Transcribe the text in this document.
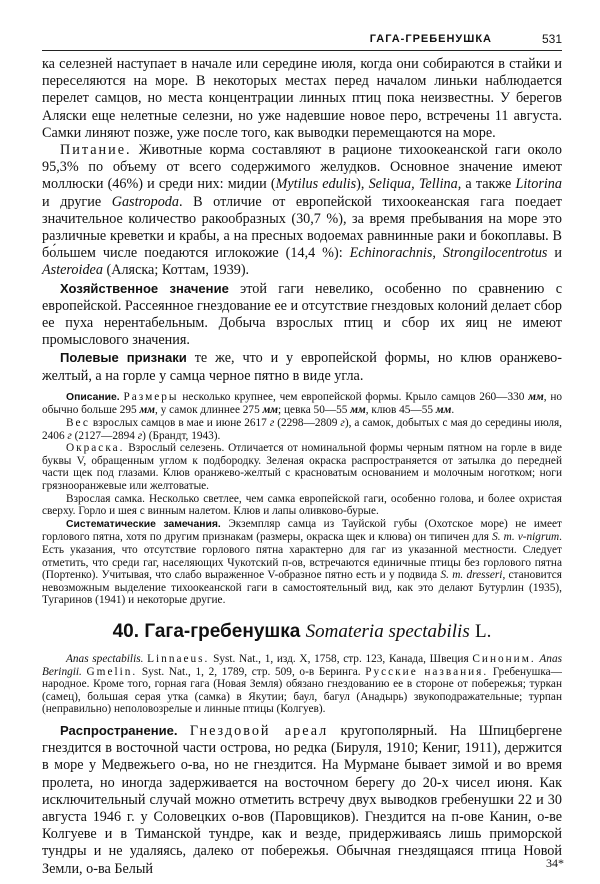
ГАГА-ГРЕБЕНУШКА	531

ка селезней наступает в начале или середине июля, когда они собираются в стайки и переселяются на море. В некоторых местах перед началом линьки наблюдается перелет самцов, но места концентрации линных птиц пока неизвестны. У берегов Аляски еще нелетные селезни, но уже надевшие новое перо, встречены 11 августа. Самки линяют позже, уже после того, как выводки перемещаются на море.

Питание. Животные корма составляют в рационе тихоокеанской гаги около 95,3% по объему от всего содержимого желудков. Основное значение имеют моллюски (46%) и среди них: мидии (Mytilus edulis), Seliqua, Tellina, а также Litorina и другие Gastropoda. В отличие от европейской тихоокеанская гага поедает значительное количество ракообразных (30,7 %), за время пребывания на море это различные креветки и крабы, а на пресных водоемах равнинные раки и бокоплавы. В бо́льшем числе поедаются иглокожие (14,4 %): Echinorachnis, Strongilocentrotus и Asteroidea (Аляска; Коттам, 1939).

Хозяйственное значение этой гаги невелико, особенно по сравнению с европейской. Рассеянное гнездование ее и отсутствие гнездовых колоний делает сбор ее пуха нерентабельным. Добыча взрослых птиц и сбор их яиц не имеют промыслового значения.

Полевые признаки те же, что и у европейской формы, но клюв оранжево-желтый, а на горле у самца черное пятно в виде угла.

Описание. Размеры несколько крупнее, чем европейской формы. Крыло самцов 260—330 мм, но обычно больше 295 мм, у самок длиннее 275 мм; цевка 50—55 мм, клюв 45—55 мм.

Вес взрослых самцов в мае и июне 2617 г (2298—2809 г), а самок, добытых с мая до середины июля, 2406 г (2127—2894 г) (Брандт, 1943).

Окраска. Взрослый селезень. Отличается от номинальной формы черным пятном на горле в виде буквы V, обращенным углом к подбородку. Зеленая окраска распространяется от затылка до передней части щек под глазами. Клюв оранжево-желтый с красноватым основанием и молочным ноготком; ноги грязнооранжевые или желтоватые.

Взрослая самка. Несколько светлее, чем самка европейской гаги, особенно голова, и более охристая сверху. Горло и шея с винным налетом. Клюв и лапы оливково-бурые.

Систематические замечания. Экземпляр самца из Тауйской губы (Охотское море) не имеет горлового пятна, хотя по другим признакам (размеры, окраска щек и клюва) он типичен для S. m. v-nigrum. Есть указания, что отсутствие горлового пятна характерно для гаг из указанной местности. Следует отметить, что среди гаг, населяющих Чукотский п-ов, встречаются единичные птицы без горлового пятна (Портенко). Учитывая, что слабо выраженное V-образное пятно есть и у подвида S. m. dresseri, становится невозможным выделение тихоокеанской гаги в самостоятельный вид, как это делают Бутурлин (1935), Тугаринов (1941) и некоторые другие.

40. Гага-гребенушка Somateria spectabilis L.

Anas spectabilis. Linnaeus. Syst. Nat., 1, изд. X, 1758, стр. 123, Канада, Швеция Синоним. Anas Beringii. Gmelin. Syst. Nat., 1, 2, 1789, стр. 509, о-в Беринга. Русские названия. Гребенушка—народное. Кроме того, горная гага (Новая Земля) обязано гнездованию ее в стороне от побережья; туркан (самец), большая серая утка (самка) в Якутии; баул, багул (Анадырь) звукоподражательные; турпан (неправильно) неполовозрелые и линные птицы (Колгуев).

Распространение. Гнездовой ареал кругополярный. На Шпицбергене гнездится в восточной части острова, но редка (Бируля, 1910; Кениг, 1911), держится в море у Медвежьего о-ва, но не гнездится. На Мурмане бывает зимой и во время пролета, но иногда задерживается на восточном берегу до 20-х чисел июня. Как исключительный случай можно отметить встречу двух выводков гребенушки 22 и 30 августа 1946 г. у Соловецких о-вов (Паровщиков). Гнездится на п-ове Канин, о-ве Колгуеве и в Тиманской тундре, как и везде, придерживаясь лишь приморской тундры и не удаляясь, далеко от побережья. Обычная гнездящаяся птица Новой Земли, о-ва Белый	34*
